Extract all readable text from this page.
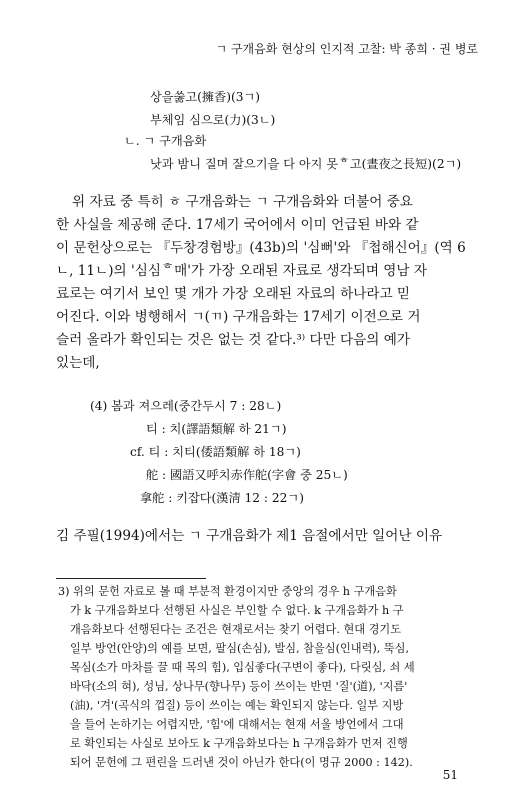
ㄱ 구개음화 현상의 인지적 고찰: 박 종희 · 권 병로
상을쑳고(擁香)(3ㄱ)
부체임 심으로(力)(3ㄴ)
ㄴ. ㄱ 구개음화
낫과 밤니 질며 잘으기을 다 아지 못ᄒ고(晝夜之長短)(2ㄱ)
위 자료 중 특히 ㅎ 구개음화는 ㄱ 구개음화와 더불어 중요
한 사실을 제공해 준다. 17세기 국어에서 이미 언급된 바와 같
이 문헌상으로는 『두창경험방』(43b)의 '심뻐'와 『첩해신어』(역 6
ㄴ, 11ㄴ)의 '심심ᄒ매'가 가장 오래된 자료로 생각되며 영남 자
료로는 여기서 보인 몇 개가 가장 오래된 자료의 하나라고 믿
어진다. 이와 병행해서 ㄱ(ㄲ) 구개음화는 17세기 이전으로 거
슬러 올라가 확인되는 것은 없는 것 같다.³⁾ 다만 다음의 예가
있는데,
(4) 봄과 져으레(중간두시 7 : 28ㄴ)
티 : 치(譯語類解 하 21ㄱ)
cf. 티 : 치티(倭語類解 하 18ㄱ)
舵 : 國語又呼치赤作舵(字會 중 25ㄴ)
拿舵 : 키잡다(漢淸 12 : 22ㄱ)
김 주필(1994)에서는 ㄱ 구개음화가 제1 음절에서만 일어난 이유
3) 위의 문헌 자료로 볼 때 부분적 환경이지만 중앙의 경우 h 구개음화
가 k 구개음화보다 선행된 사실은 부인할 수 없다. k 구개음화가 h 구
개음화보다 선행된다는 조건은 현재로서는 찾기 어렵다. 현대 경기도
일부 방언(안양)의 예를 보면, 팔심(손심), 발심, 참을심(인내력), 뚝심,
목심(소가 마차를 끌 때 목의 힘), 입심좋다(구변이 좋다), 다릿심, 쇠 세
바닥(소의 혀), 성님, 상나무(향나무) 등이 쓰이는 반면 '질'(道), '지름'
(油), '겨'(곡식의 껍질) 등이 쓰이는 예는 확인되지 않는다. 일부 지방
을 들어 논하기는 어렵지만, '힘'에 대해서는 현재 서울 방언에서 그대
로 확인되는 사실로 보아도 k 구개음화보다는 h 구개음화가 먼저 진행
되어 문헌에 그 편린을 드러낸 것이 아닌가 한다(이 명규 2000 : 142).
51
